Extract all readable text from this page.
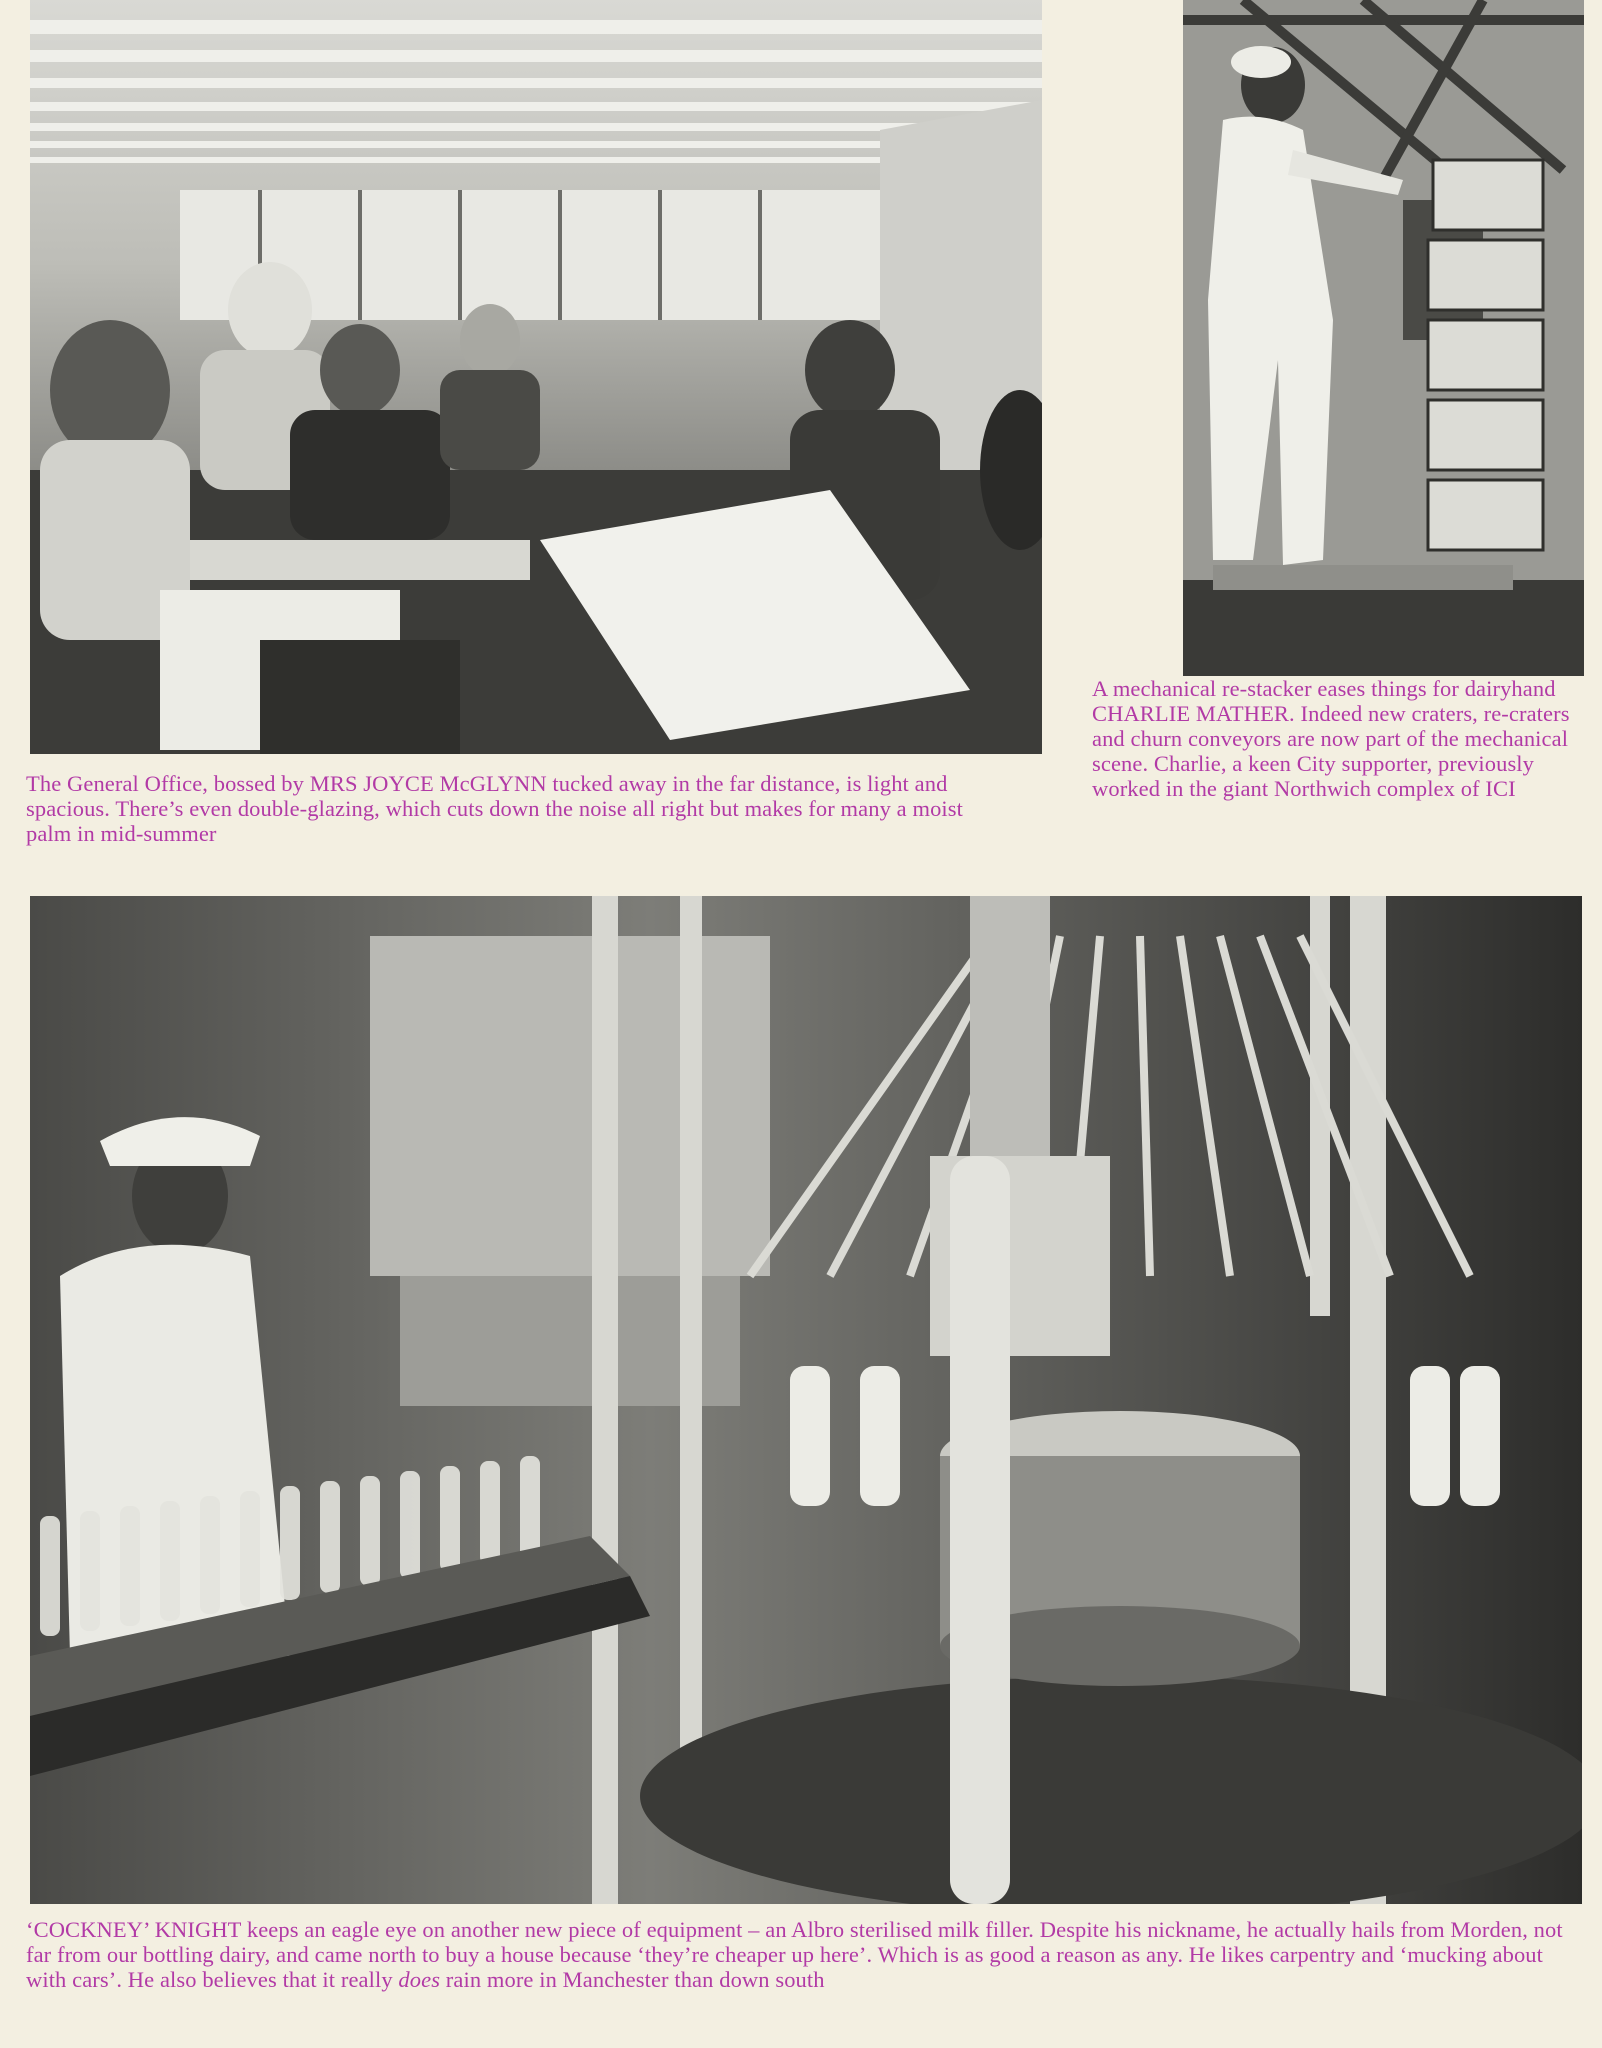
The General Office, bossed by MRS JOYCE McGLYNN tucked away in the far distance, is light and spacious. There’s even double-glazing, which cuts down the noise all right but makes for many a moist palm in mid-summer
A mechanical re-stacker eases things for dairyhand CHARLIE MATHER. Indeed new craters, re-craters and churn conveyors are now part of the mechanical scene. Charlie, a keen City supporter, previously worked in the giant Northwich complex of ICI
‘COCKNEY’ KNIGHT keeps an eagle eye on another new piece of equipment – an Albro sterilised milk filler. Despite his nickname, he actually hails from Morden, not far from our bottling dairy, and came north to buy a house because ‘they’re cheaper up here’. Which is as good a reason as any. He likes carpentry and ‘mucking about with cars’. He also believes that it really does rain more in Manchester than down south
